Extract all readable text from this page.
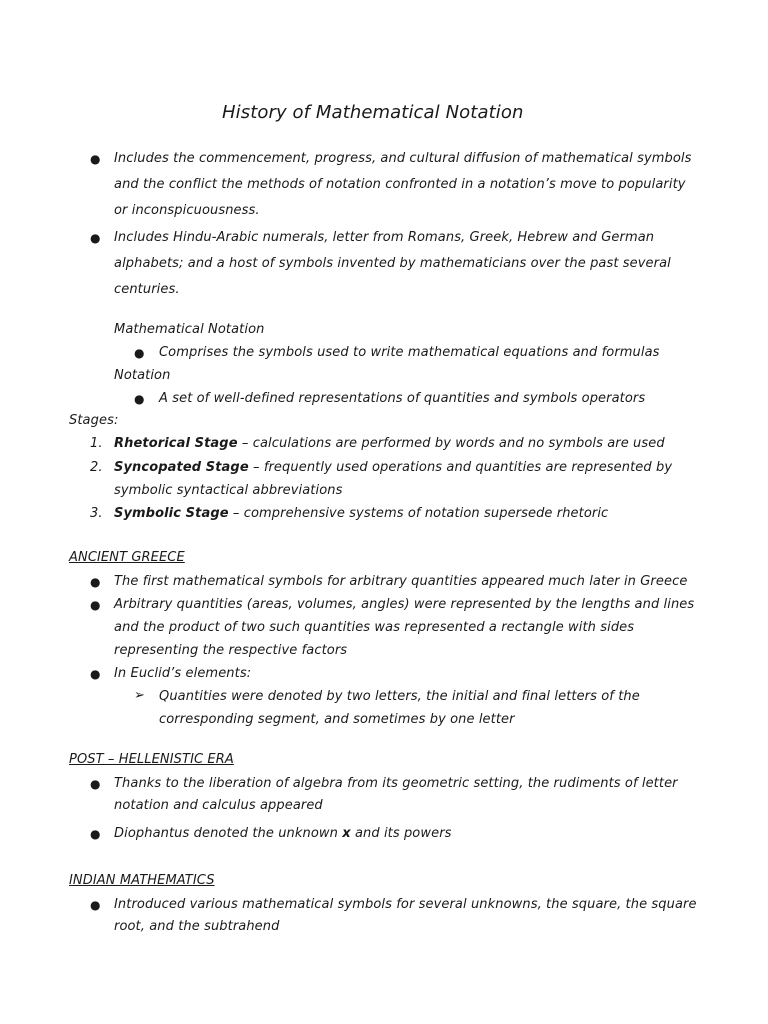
History of Mathematical Notation
● Includes the commencement, progress, and cultural diffusion of mathematical symbols
and the conflict the methods of notation confronted in a notation’s move to popularity
or inconspicuousness.
● Includes Hindu-Arabic numerals, letter from Romans, Greek, Hebrew and German
alphabets; and a host of symbols invented by mathematicians over the past several
centuries.
Mathematical Notation
● Comprises the symbols used to write mathematical equations and formulas
Notation
● A set of well-defined representations of quantities and symbols operators
Stages:
1. Rhetorical Stage – calculations are performed by words and no symbols are used
2. Syncopated Stage – frequently used operations and quantities are represented by
symbolic syntactical abbreviations
3. Symbolic Stage – comprehensive systems of notation supersede rhetoric
ANCIENT GREECE
● The first mathematical symbols for arbitrary quantities appeared much later in Greece
● Arbitrary quantities (areas, volumes, angles) were represented by the lengths and lines
and the product of two such quantities was represented a rectangle with sides
representing the respective factors
● In Euclid’s elements:
➢ Quantities were denoted by two letters, the initial and final letters of the
corresponding segment, and sometimes by one letter
POST – HELLENISTIC ERA
● Thanks to the liberation of algebra from its geometric setting, the rudiments of letter
notation and calculus appeared
● Diophantus denoted the unknown x and its powers
INDIAN MATHEMATICS
● Introduced various mathematical symbols for several unknowns, the square, the square
root, and the subtrahend
